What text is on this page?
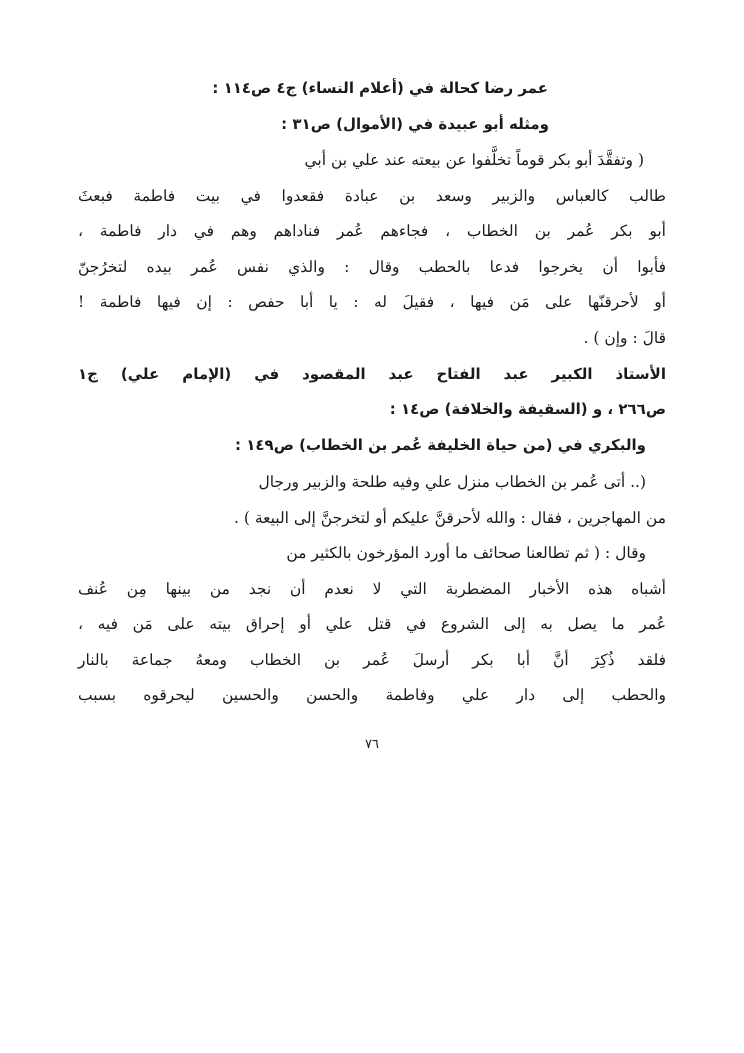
عمر رضا كحالة في (أعلام النساء) ج٤ ص١١٤ :
ومثله أبو عبيدة في (الأموال) ص٣١ :
( وتفقَّدَ أبو بكر قوماً تخلَّفوا عن بيعته عند علي بن أبي
طالب كالعباس والزبير وسعد بن عبادة فقعدوا في بيت فاطمة فبعثَ
أبو بكر عُمر بن الخطاب ، فجاءهم عُمر فناداهم وهم في دار فاطمة ،
فأبوا أن يخرجوا فدعا بالحطب وقال : والذي نفس عُمر بيده لتخرُجنّ
أو لأحرقنّها على مَن فيها ، فقيلَ له : يا أبا حفص : إن فيها فاطمة !
قالَ : وإن ) .
الأستاذ الكبير عبد الفتاح عبد المقصود في (الإمام علي) ج١
ص٢٦٦ ، و (السقيفة والخلافة) ص١٤ :
والبكري في (من حياة الخليفة عُمر بن الخطاب) ص١٤٩ :
(.. أتى عُمر بن الخطاب منزل علي وفيه طلحة والزبير ورجال
من المهاجرين ، فقال : والله لأحرقنَّ عليكم أو لتخرجنَّ إلى البيعة ) .
وقال : ( ثم تطالعنا صحائف ما أورد المؤرخون بالكثير من
أشباه هذه الأخبار المضطربة التي لا نعدم أن نجد من بينها مِن عُنف
عُمر ما يصل به إلى الشروع في قتل علي أو إحراق بيته على مَن فيه ،
فلقد ذُكِرَ أنَّ أبا بكر أرسلَ عُمر بن الخطاب ومعهُ جماعة بالنار
والحطب إلى دار علي وفاطمة والحسن والحسين ليحرقوه بسبب
٧٦
